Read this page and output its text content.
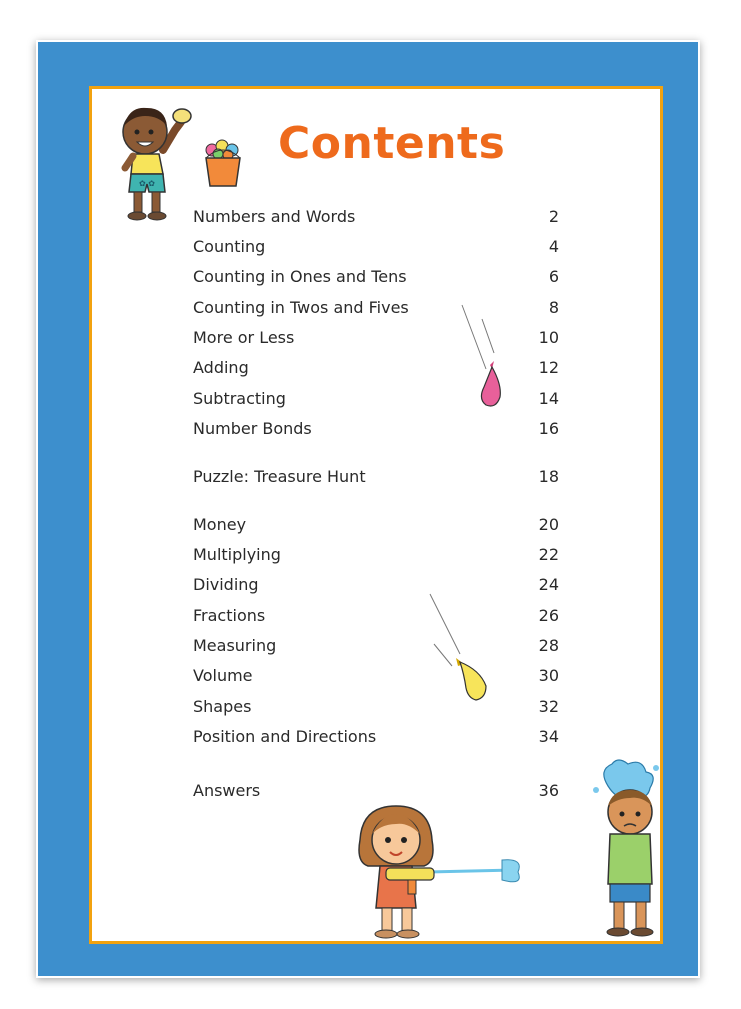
✿ ✿
Contents
Numbers and Words	2
Counting	4
Counting in Ones and Tens	6
Counting in Twos and Fives	8
More or Less	10
Adding	12
Subtracting	14
Number Bonds	16
Puzzle: Treasure Hunt	18
Money	20
Multiplying	22
Dividing	24
Fractions	26
Measuring	28
Volume	30
Shapes	32
Position and Directions	34
Answers	36
